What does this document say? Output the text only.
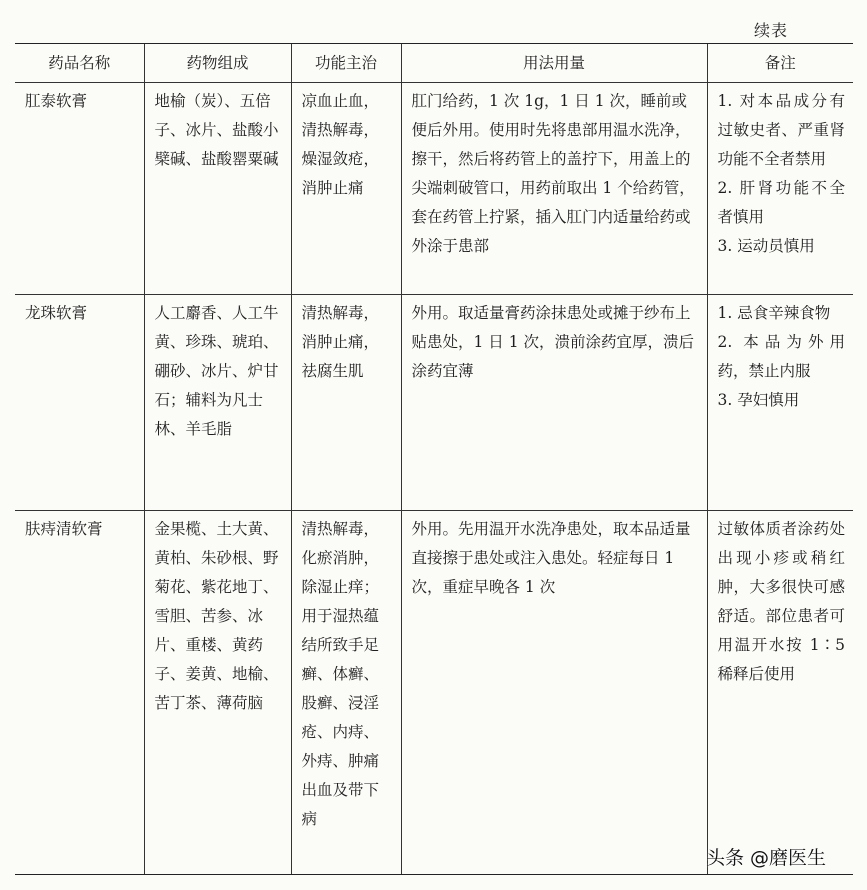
续表
药品名称	药物组成	功能主治	用法用量	备注
肛泰软膏	地榆（炭）、五倍子、冰片、盐酸小檗碱、盐酸罂粟碱	凉血止血，清热解毒，燥湿敛疮，消肿止痛	肛门给药，1 次 1g，1 日 1 次，睡前或便后外用。使用时先将患部用温水洗净，擦干，然后将药管上的盖拧下，用盖上的尖端刺破管口，用药前取出 1 个给药管，套在药管上拧紧，插入肛门内适量给药或外涂于患部	1. 对本品成分有过敏史者、严重肾功能不全者禁用
2. 肝肾功能不全者慎用
3. 运动员慎用

龙珠软膏	人工麝香、人工牛黄、珍珠、琥珀、硼砂、冰片、炉甘石；辅料为凡士林、羊毛脂	清热解毒，消肿止痛，祛腐生肌	外用。取适量膏药涂抹患处或摊于纱布上贴患处，1 日 1 次，溃前涂药宜厚，溃后涂药宜薄	1. 忌食辛辣食物
2. 本品为外用药，禁止内服
3. 孕妇慎用

肤痔清软膏	金果榄、土大黄、黄柏、朱砂根、野菊花、紫花地丁、雪胆、苦参、冰片、重楼、黄药子、姜黄、地榆、苦丁茶、薄荷脑	清热解毒，化瘀消肿，除湿止痒；用于湿热蕴结所致手足癣、体癣、股癣、浸淫疮、内痔、外痔、肿痛出血及带下病	外用。先用温开水洗净患处，取本品适量直接擦于患处或注入患处。轻症每日 1 次，重症早晚各 1 次	过敏体质者涂药处出现小疹或稍红肿，大多很快可感舒适。部位患者可用温开水按 1∶5 稀释后使用
头条 @磨医生
